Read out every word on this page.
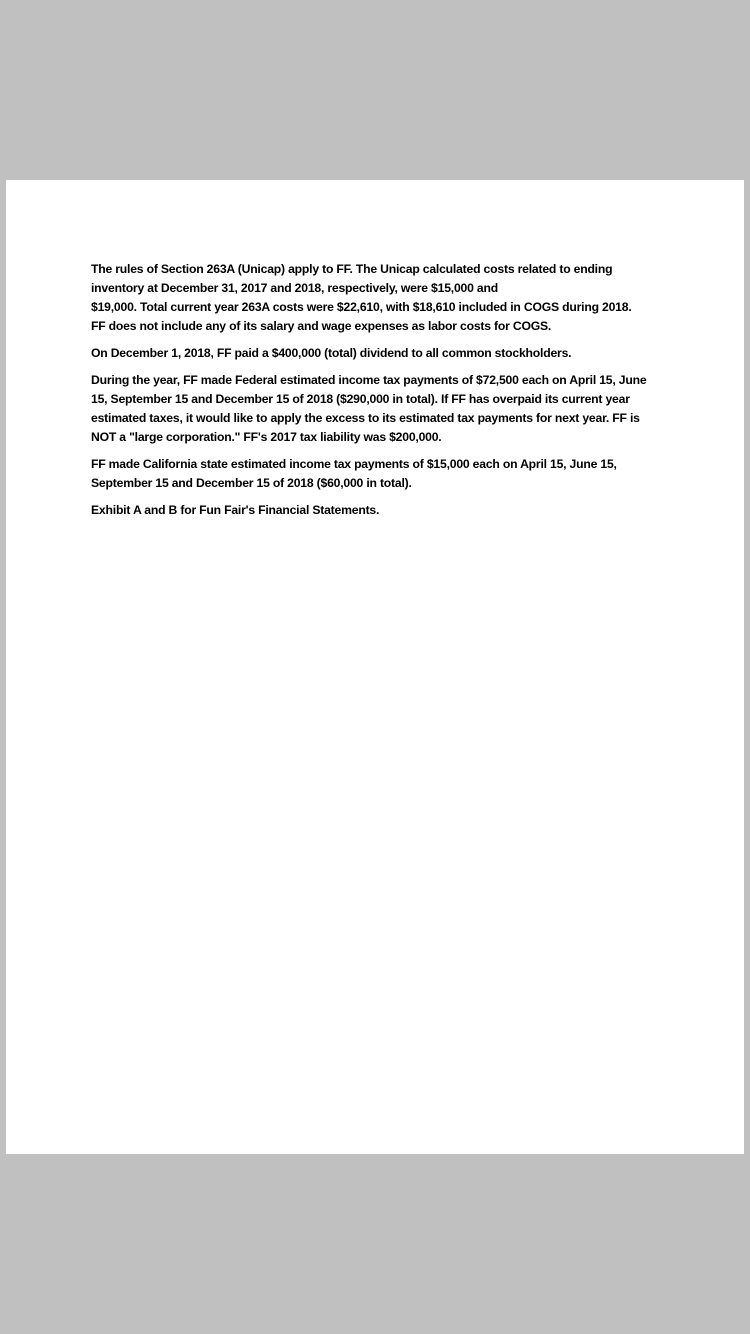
The rules of Section 263A (Unicap) apply to FF. The Unicap calculated costs related to ending
inventory at December 31, 2017 and 2018, respectively, were $15,000 and
$19,000. Total current year 263A costs were $22,610, with $18,610 included in COGS during 2018.
FF does not include any of its salary and wage expenses as labor costs for COGS.

On December 1, 2018, FF paid a $400,000 (total) dividend to all common stockholders.

During the year, FF made Federal estimated income tax payments of $72,500 each on April 15, June
15, September 15 and December 15 of 2018 ($290,000 in total). If FF has overpaid its current year
estimated taxes, it would like to apply the excess to its estimated tax payments for next year. FF is
NOT a "large corporation." FF's 2017 tax liability was $200,000.

FF made California state estimated income tax payments of $15,000 each on April 15, June 15,
September 15 and December 15 of 2018 ($60,000 in total).

Exhibit A and B for Fun Fair's Financial Statements.
